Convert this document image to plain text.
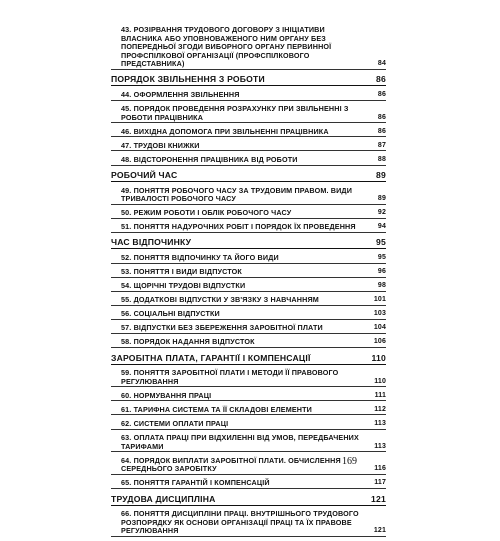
43. РОЗІРВАННЯ ТРУДОВОГО ДОГОВОРУ З ІНІЦІАТИВИ ВЛАСНИКА АБО УПОВНОВАЖЕНОГО НИМ ОРГАНУ БЕЗ ПОПЕРЕДНЬОЇ ЗГОДИ ВИБОРНОГО ОРГАНУ ПЕРВИННОЇ ПРОФСПІЛКОВОЇ ОРГАНІЗАЦІЇ (ПРОФСПІЛКОВОГО ПРЕДСТАВНИКА)	84
ПОРЯДОК ЗВІЛЬНЕННЯ З РОБОТИ	86
44. ОФОРМЛЕННЯ ЗВІЛЬНЕННЯ	86
45. ПОРЯДОК ПРОВЕДЕННЯ РОЗРАХУНКУ ПРИ ЗВІЛЬНЕННІ З РОБОТИ ПРАЦІВНИКА	86
46. ВИХІДНА ДОПОМОГА ПРИ ЗВІЛЬНЕННІ ПРАЦІВНИКА	86
47. ТРУДОВІ КНИЖКИ	87
48. ВІДСТОРОНЕННЯ ПРАЦІВНИКА ВІД РОБОТИ	88
РОБОЧИЙ ЧАС	89
49. ПОНЯТТЯ РОБОЧОГО ЧАСУ ЗА ТРУДОВИМ ПРАВОМ. ВИДИ ТРИВАЛОСТІ РОБОЧОГО ЧАСУ	89
50. РЕЖИМ РОБОТИ І ОБЛІК РОБОЧОГО ЧАСУ	92
51. ПОНЯТТЯ НАДУРОЧНИХ РОБІТ І ПОРЯДОК ЇХ ПРОВЕДЕННЯ	94
ЧАС ВІДПОЧИНКУ	95
52. ПОНЯТТЯ ВІДПОЧИНКУ ТА ЙОГО ВИДИ	95
53. ПОНЯТТЯ І ВИДИ ВІДПУСТОК	96
54. ЩОРІЧНІ ТРУДОВІ ВІДПУСТКИ	98
55. ДОДАТКОВІ ВІДПУСТКИ У ЗВ'ЯЗКУ З НАВЧАННЯМ	101
56. СОЦІАЛЬНІ ВІДПУСТКИ	103
57. ВІДПУСТКИ БЕЗ ЗБЕРЕЖЕННЯ ЗАРОБІТНОЇ ПЛАТИ	104
58. ПОРЯДОК НАДАННЯ ВІДПУСТОК	106
ЗАРОБІТНА ПЛАТА, ГАРАНТІЇ І КОМПЕНСАЦІЇ	110
59. ПОНЯТТЯ ЗАРОБІТНОЇ ПЛАТИ І МЕТОДИ ЇЇ ПРАВОВОГО РЕГУЛЮВАННЯ	110
60. НОРМУВАННЯ ПРАЦІ	111
61. ТАРИФНА СИСТЕМА ТА ЇЇ СКЛАДОВІ ЕЛЕМЕНТИ	112
62. СИСТЕМИ ОПЛАТИ ПРАЦІ	113
63. ОПЛАТА ПРАЦІ ПРИ ВІДХИЛЕННІ ВІД УМОВ, ПЕРЕДБАЧЕНИХ ТАРИФАМИ	113
64. ПОРЯДОК ВИПЛАТИ ЗАРОБІТНОЇ ПЛАТИ. ОБЧИСЛЕННЯ СЕРЕДНЬОГО ЗАРОБІТКУ	116
65. ПОНЯТТЯ ГАРАНТІЙ І КОМПЕНСАЦІЙ	117
ТРУДОВА ДИСЦИПЛІНА	121
66. ПОНЯТТЯ ДИСЦИПЛІНИ ПРАЦІ. ВНУТРІШНЬОГО ТРУДОВОГО РОЗПОРЯДКУ ЯК ОСНОВИ ОРГАНІЗАЦІЇ ПРАЦІ ТА ЇХ ПРАВОВЕ РЕГУЛЮВАННЯ	121
169
